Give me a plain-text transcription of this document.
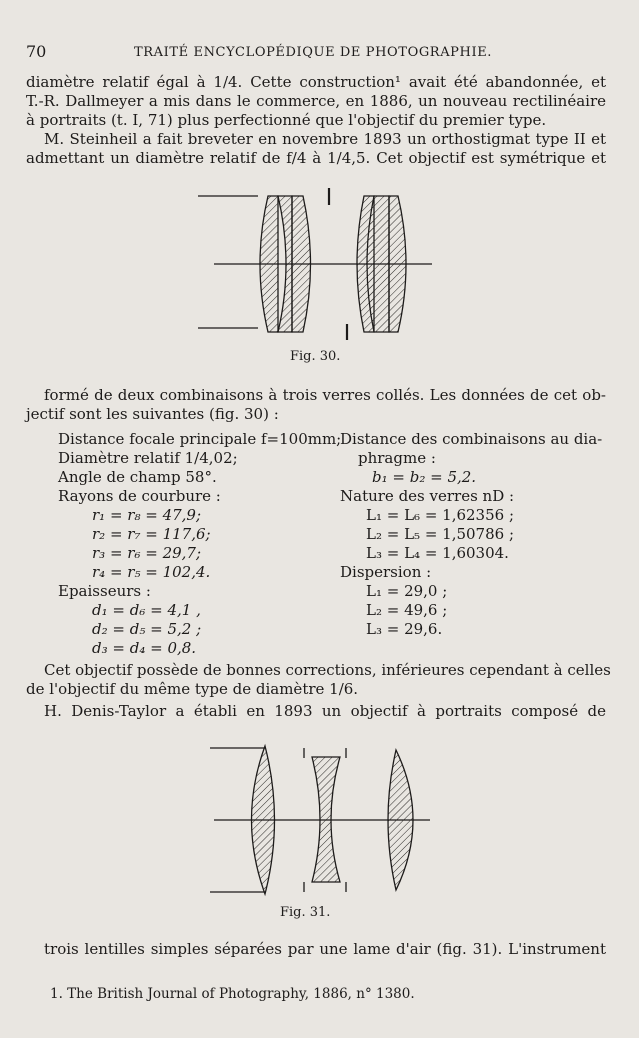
70	TRAITÉ ENCYCLOPÉDIQUE DE PHOTOGRAPHIE.
diamètre relatif égal à 1/4. Cette construction¹ avait été abandonnée, et
T.-R. Dallmeyer a mis dans le commerce, en 1886, un nouveau rectilinéaire
à portraits (t. I, 71) plus perfectionné que l'objectif du premier type.
M. Steinheil a fait breveter en novembre 1893 un orthostigmat type II et
admettant un diamètre relatif de f/4 à 1/4,5. Cet objectif est symétrique et
Fig. 30.
formé de deux combinaisons à trois verres collés. Les données de cet ob-
jectif sont les suivantes (fig. 30) :
Distance focale principale f=100mm;
Diamètre relatif 1/4,02;
Angle de champ 58°.
Rayons de courbure :
r₁ = r₈ = 47,9;
r₂ = r₇ = 117,6;
r₃ = r₆ = 29,7;
r₄ = r₅ = 102,4.
Epaisseurs :
d₁ = d₆ = 4,1 ,
d₂ = d₅ = 5,2 ;
d₃ = d₄ = 0,8.
Distance des combinaisons au dia-
phragme :
b₁ = b₂ = 5,2.
Nature des verres nD :
L₁ = L₆ = 1,62356 ;
L₂ = L₅ = 1,50786 ;
L₃ = L₄ = 1,60304.
Dispersion :
L₁ = 29,0 ;
L₂ = 49,6 ;
L₃ = 29,6.
Cet objectif possède de bonnes corrections, inférieures cependant à celles
de l'objectif du même type de diamètre 1/6.
H. Denis-Taylor a établi en 1893 un objectif à portraits composé de
Fig. 31.
trois lentilles simples séparées par une lame d'air (fig. 31). L'instrument
1. The British Journal of Photography, 1886, n° 1380.
